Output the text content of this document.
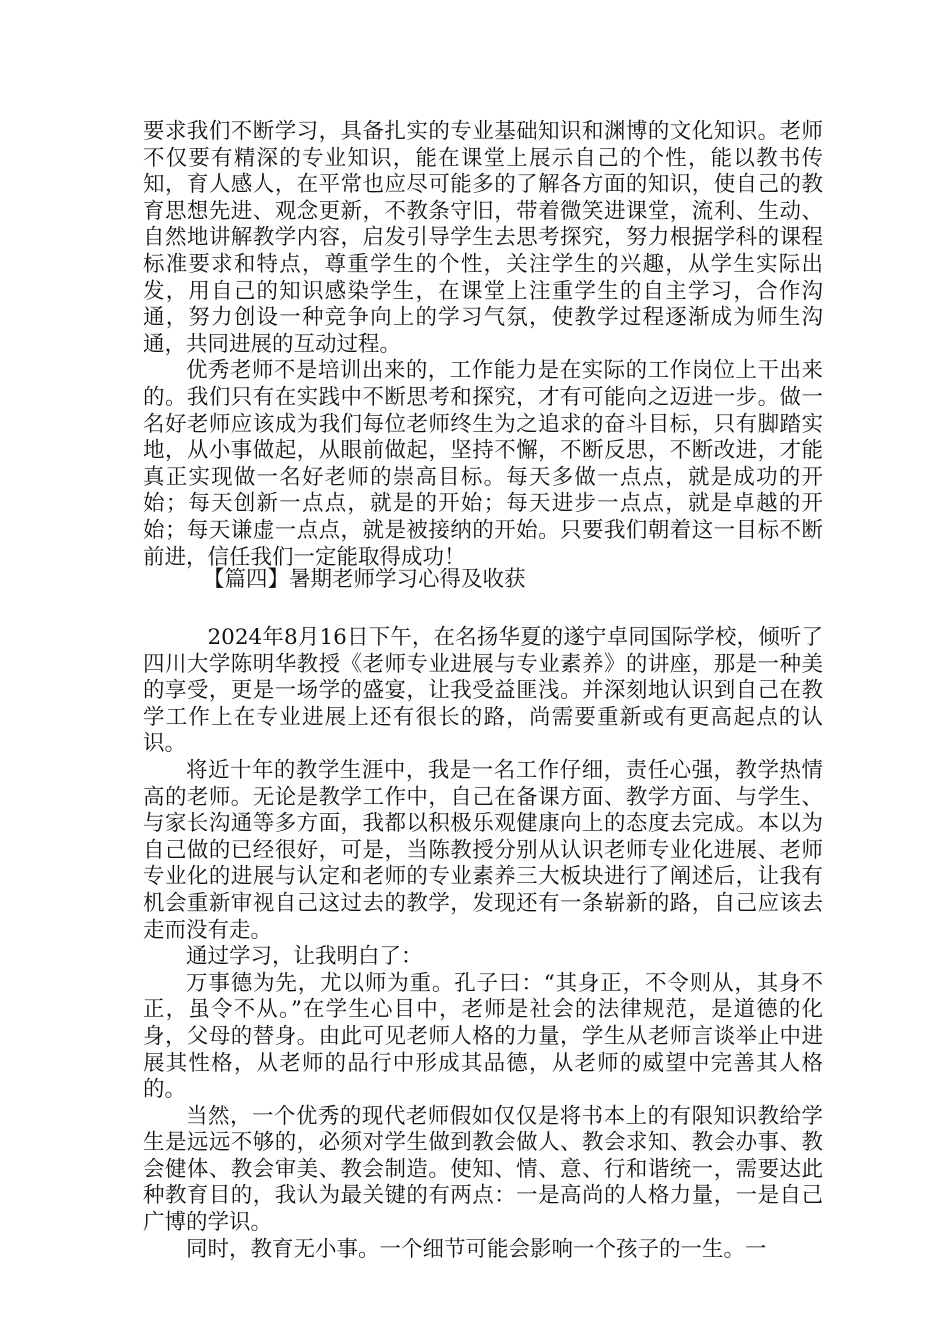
要求我们不断学习，具备扎实的专业基础知识和渊博的文化知识。老师不仅要有精深的专业知识，能在课堂上展示自己的个性，能以教书传知，育人感人，在平常也应尽可能多的了解各方面的知识，使自己的教育思想先进、观念更新，不教条守旧，带着微笑进课堂，流利、生动、自然地讲解教学内容，启发引导学生去思考探究，努力根据学科的课程标准要求和特点，尊重学生的个性，关注学生的兴趣，从学生实际出发，用自己的知识感染学生，在课堂上注重学生的自主学习，合作沟通，努力创设一种竞争向上的学习气氛，使教学过程逐渐成为师生沟通，共同进展的互动过程。

优秀老师不是培训出来的，工作能力是在实际的工作岗位上干出来的。我们只有在实践中不断思考和探究，才有可能向之迈进一步。做一名好老师应该成为我们每位老师终生为之追求的奋斗目标，只有脚踏实地，从小事做起，从眼前做起，坚持不懈，不断反思，不断改进，才能真正实现做一名好老师的崇高目标。每天多做一点点，就是成功的开始；每天创新一点点，就是的开始；每天进步一点点，就是卓越的开始；每天谦虚一点点，就是被接纳的开始。只要我们朝着这一目标不断前进，信任我们一定能取得成功！

【篇四】暑期老师学习心得及收获

2024年8月16日下午，在名扬华夏的遂宁卓同国际学校，倾听了四川大学陈明华教授《老师专业进展与专业素养》的讲座，那是一种美的享受，更是一场学的盛宴，让我受益匪浅。并深刻地认识到自己在教学工作上在专业进展上还有很长的路，尚需要重新或有更高起点的认识。

将近十年的教学生涯中，我是一名工作仔细，责任心强，教学热情高的老师。无论是教学工作中，自己在备课方面、教学方面、与学生、与家长沟通等多方面，我都以积极乐观健康向上的态度去完成。本以为自己做的已经很好，可是，当陈教授分别从认识老师专业化进展、老师专业化的进展与认定和老师的专业素养三大板块进行了阐述后，让我有机会重新审视自己这过去的教学，发现还有一条崭新的路，自己应该去走而没有走。

通过学习，让我明白了：

万事德为先，尤以师为重。孔子曰：“其身正，不令则从，其身不正，虽令不从。”在学生心目中，老师是社会的法律规范，是道德的化身，父母的替身。由此可见老师人格的力量，学生从老师言谈举止中进展其性格，从老师的品行中形成其品德，从老师的威望中完善其人格的。

当然，一个优秀的现代老师假如仅仅是将书本上的有限知识教给学生是远远不够的，必须对学生做到教会做人、教会求知、教会办事、教会健体、教会审美、教会制造。使知、情、意、行和谐统一，需要达此种教育目的，我认为最关键的有两点：一是高尚的人格力量，一是自己广博的学识。

同时，教育无小事。一个细节可能会影响一个孩子的一生。一
